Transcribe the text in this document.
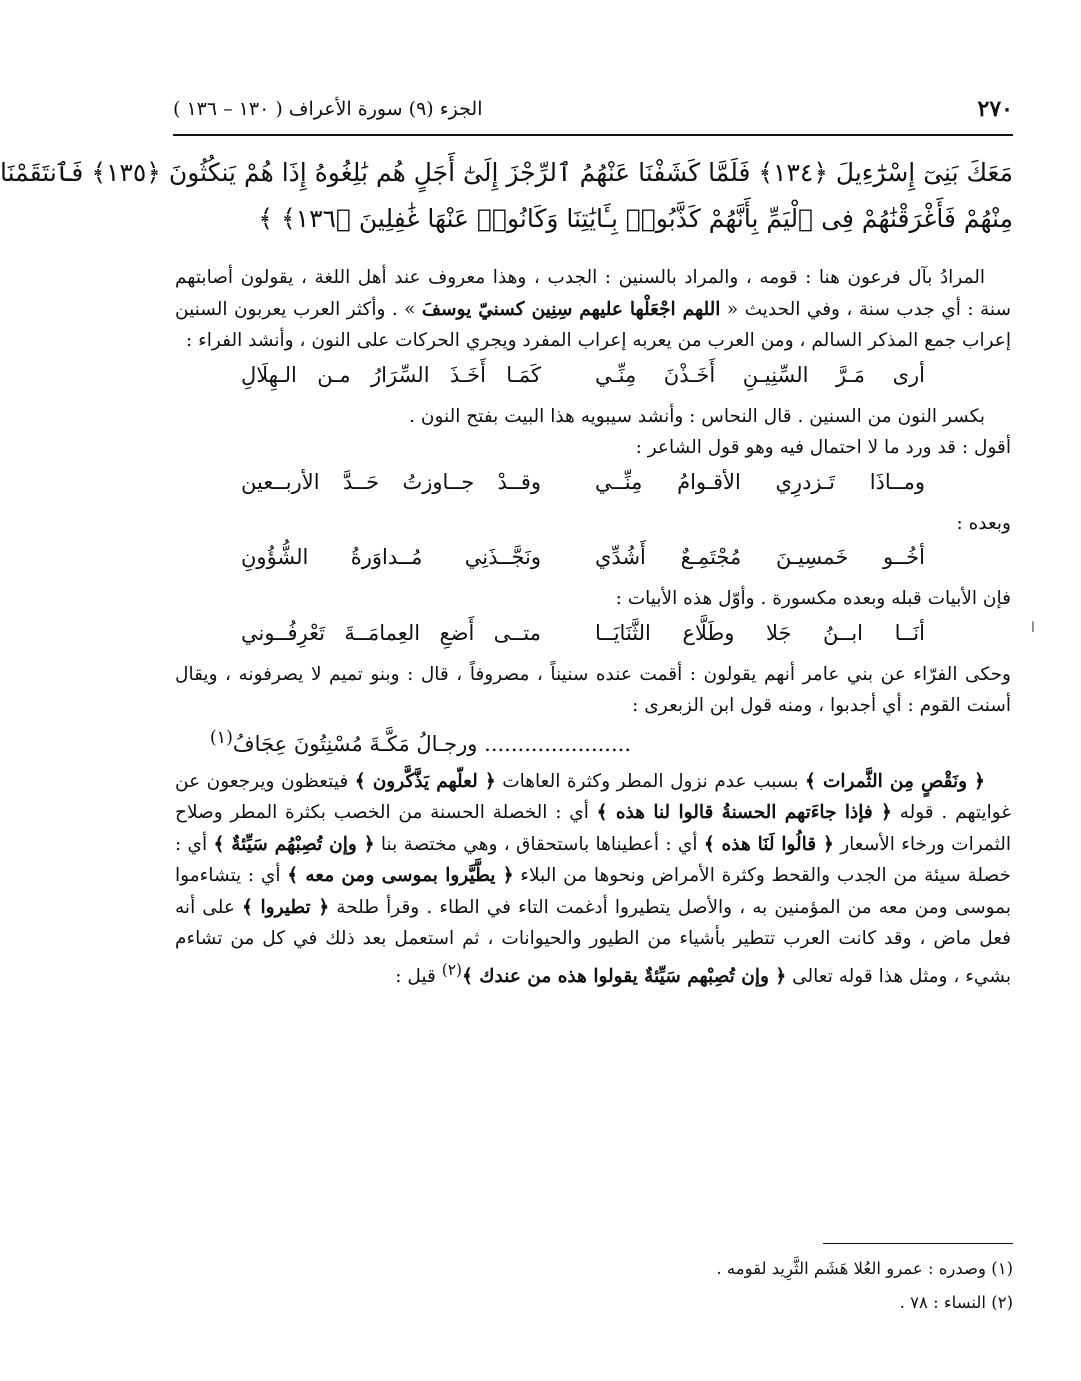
٢٧٠
الجزء (٩) سورة الأعراف ( ١٣٠ – ١٣٦ )
مَعَكَ بَنِىٓ إِسْرَٰٓءِيلَ ﴿١٣٤﴾ فَلَمَّا كَشَفْنَا عَنْهُمُ ٱلرِّجْزَ إِلَىٰٓ أَجَلٍ هُم بَٰلِغُوهُ إِذَا هُمْ يَنكُثُونَ ﴿١٣٥﴾ فَٱنتَقَمْنَا
مِنْهُمْ فَأَغْرَقْنَٰهُمْ فِى ٱلْيَمِّ بِأَنَّهُمْ كَذَّبُوا۟ بِـَٔايَٰتِنَا وَكَانُوا۟ عَنْهَا غَٰفِلِينَ ﴿١٣٦﴾ ﴾

المرادُ بآل فرعون هنا : قومه ، والمراد بالسنين : الجدب ، وهذا معروف عند أهل اللغة ، يقولون أصابتهم سنة : أي جدب سنة ، وفي الحديث « اللهم اجْعَلْها عليهم سِنِين كسنيّ يوسفَ » . وأكثر العرب يعربون السنين إعراب جمع المذكر السالم ، ومن العرب من يعربه إعراب المفرد ويجري الحركات على النون ، وأنشد الفراء :

أرى مَـرَّ السِّنِيـنِ أَخَـذْنَ مِنِّـي
كَمَـا أَخَـذَ السِّرَارُ مـن الـهِلَالِ

بكسر النون من السنين . قال النحاس : وأنشد سيبويه هذا البيت بفتح النون .

أقول : قد ورد ما لا احتمال فيه وهو قول الشاعر :

ومــاذَا تَـزدرِي الأقـوامُ مِنِّــي
وقــدْ جــاوزتُ حَــدَّ الأربــعين

وبعده :

أخُــو خَمسِيـنَ مُجْتَمِـعٌ أَشُدِّي
ونَجَّــذَنِي مُــداوَرةُ الشُّؤُونِ

فإن الأبيات قبله وبعده مكسورة . وأوّل هذه الأبيات :

أنَــا ابــنُ جَلا وطَلَّاع الثَّنَايَــا
متــى أَضعِ العِمامَــةَ تَعْرِفُــوني

وحكى الفرّاء عن بني عامر أنهم يقولون : أقمت عنده سنيناً ، مصروفاً ، قال : وبنو تميم لا يصرفونه ، ويقال أسنت القوم : أي أجدبوا ، ومنه قول ابن الزبعرى :

...................... ورجـالُ مَكَّـةَ مُسْنِتُونَ عِجَافُ$^{(١)}$

﴿ ونَقْصٍ مِن الثَّمرات ﴾ بسبب عدم نزول المطر وكثرة العاهات ﴿ لعلّهم يَذَّكَّرون ﴾ فيتعظون ويرجعون عن غوايتهم . قوله ﴿ فإذا جاءَتهم الحسنةُ قالوا لنا هذه ﴾ أي : الخصلة الحسنة من الخصب بكثرة المطر وصلاح الثمرات ورخاء الأسعار ﴿ قالُوا لَنَا هذه ﴾ أي : أعطيناها باستحقاق ، وهي مختصة بنا ﴿ وإن تُصِبْهُم سَيِّئةٌ ﴾ أي : خصلة سيئة من الجدب والقحط وكثرة الأمراض ونحوها من البلاء ﴿ يطَّيَّروا بموسى ومن معه ﴾ أي : يتشاءموا بموسى ومن معه من المؤمنين به ، والأصل يتطيروا أدغمت التاء في الطاء . وقرأ طلحة ﴿ تطيروا ﴾ على أنه فعل ماض ، وقد كانت العرب تتطير بأشياء من الطيور والحيوانات ، ثم استعمل بعد ذلك في كل من تشاءم بشيء ، ومثل هذا قوله تعالى ﴿ وإن تُصِبْهم سَيِّئةٌ يقولوا هذه من عندك ﴾$^{(٢)}$ قيل :

ا
(١) وصدره : عمرو العُلا هَشَم الثَّرِيد لقومه .
(٢) النساء : ٧٨ .
